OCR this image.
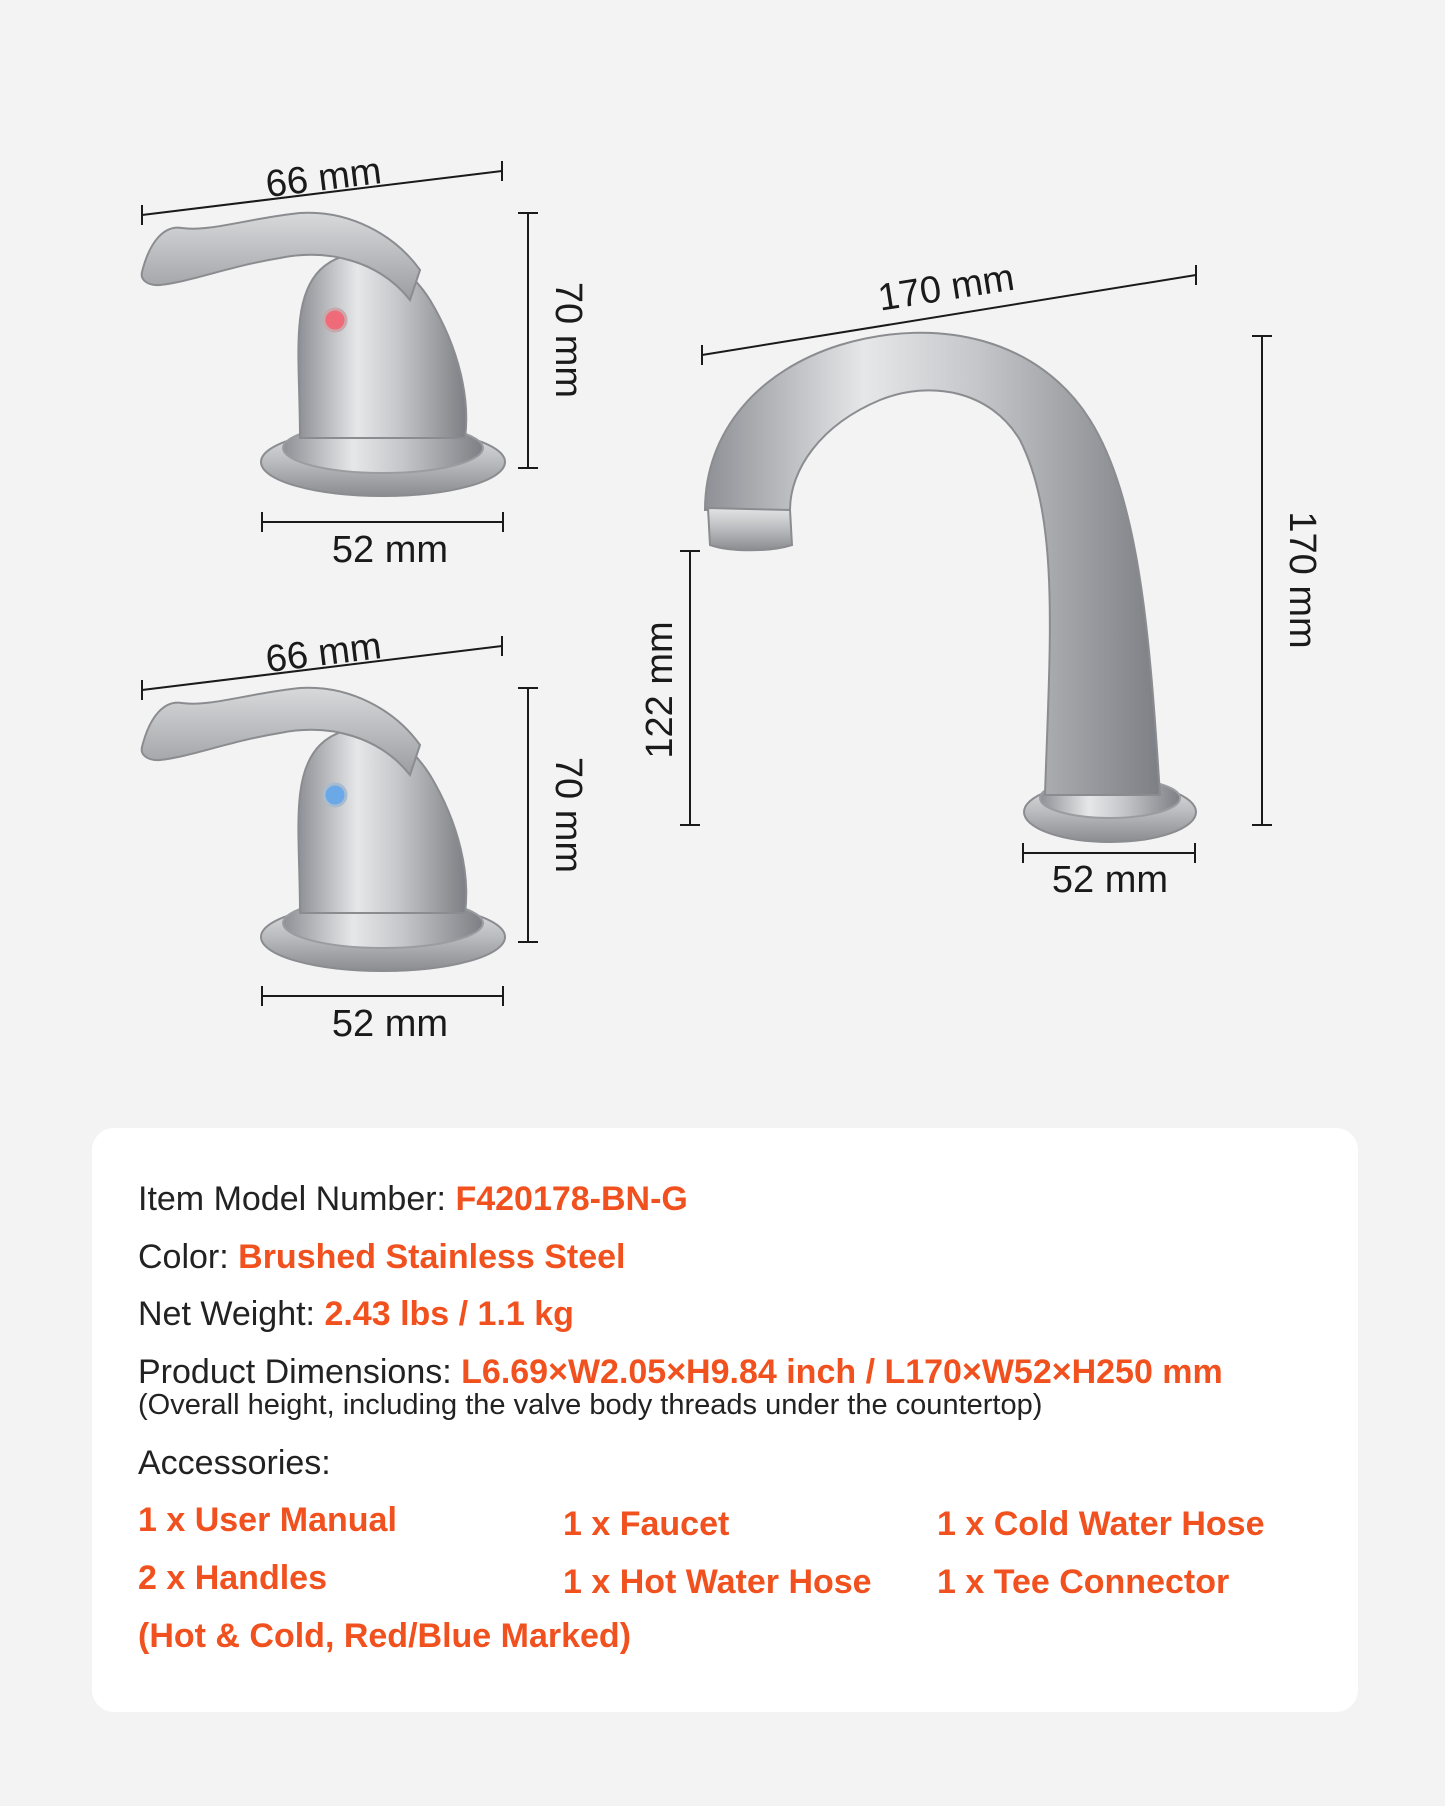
66 mm
70 mm
52 mm
66 mm
70 mm
52 mm
170 mm
170 mm
122 mm
52 mm
Item Model Number: F420178-BN-G
Color: Brushed Stainless Steel
Net Weight: 2.43 lbs / 1.1 kg
Product Dimensions: L6.69×W2.05×H9.84 inch / L170×W52×H250 mm
(Overall height, including the valve body threads under the countertop)
Accessories:
1 x User Manual	1 x Faucet	1 x Cold Water Hose
2 x Handles	1 x Hot Water Hose 1 x Tee Connector
(Hot & Cold, Red/Blue Marked)
